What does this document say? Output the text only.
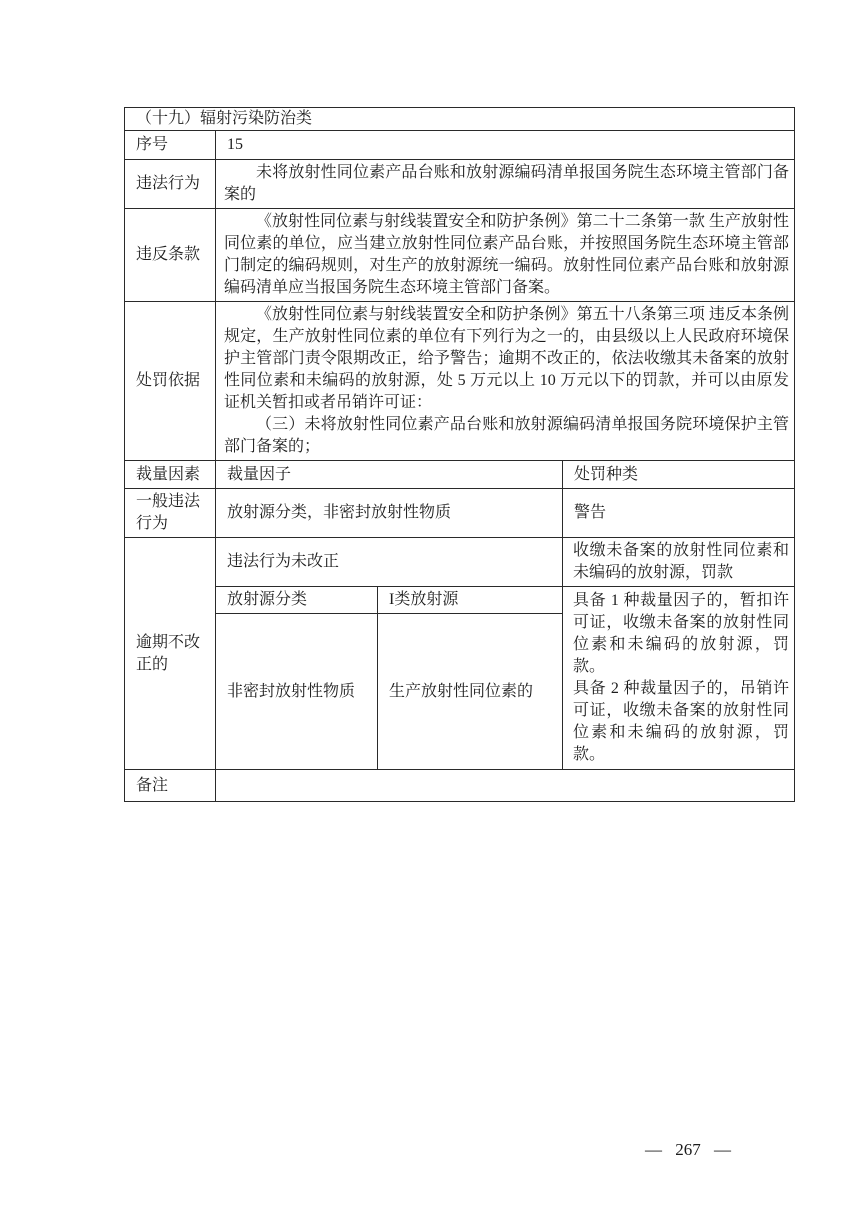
（十九）辐射污染防治类			
序号	15		
违法行为	未将放射性同位素产品台账和放射源编码清单报国务院生态环境主管部门备案的		

违反条款	《放射性同位素与射线装置安全和防护条例》第二十二条第一款 生产放射性同位素的单位，应当建立放射性同位素产品台账，并按照国务院生态环境主管部门制定的编码规则，对生产的放射源统一编码。放射性同位素产品台账和放射源编码清单应当报国务院生态环境主管部门备案。		

处罚依据	《放射性同位素与射线装置安全和防护条例》第五十八条第三项 违反本条例规定，生产放射性同位素的单位有下列行为之一的，由县级以上人民政府环境保护主管部门责令限期改正，给予警告；逾期不改正的，依法收缴其未备案的放射性同位素和未编码的放射源，处 5 万元以上 10 万元以下的罚款，并可以由原发证机关暂扣或者吊销许可证：

（三）未将放射性同位素产品台账和放射源编码清单报国务院环境保护主管部门备案的；		

裁量因素	裁量因子		处罚种类
一般违法行为	放射源分类，非密封放射性物质		警告
逾期不改正的	违法行为未改正		收缴未备案的放射性同位素和未编码的放射源，罚款
	放射源分类	I类放射源	具备 1 种裁量因子的，暂扣许可证，收缴未备案的放射性同位素和未编码的放射源，罚款。

具备 2 种裁量因子的，吊销许可证，收缴未备案的放射性同位素和未编码的放射源，罚款。

	非密封放射性物质	生产放射性同位素的	
备注			
— 267 —
